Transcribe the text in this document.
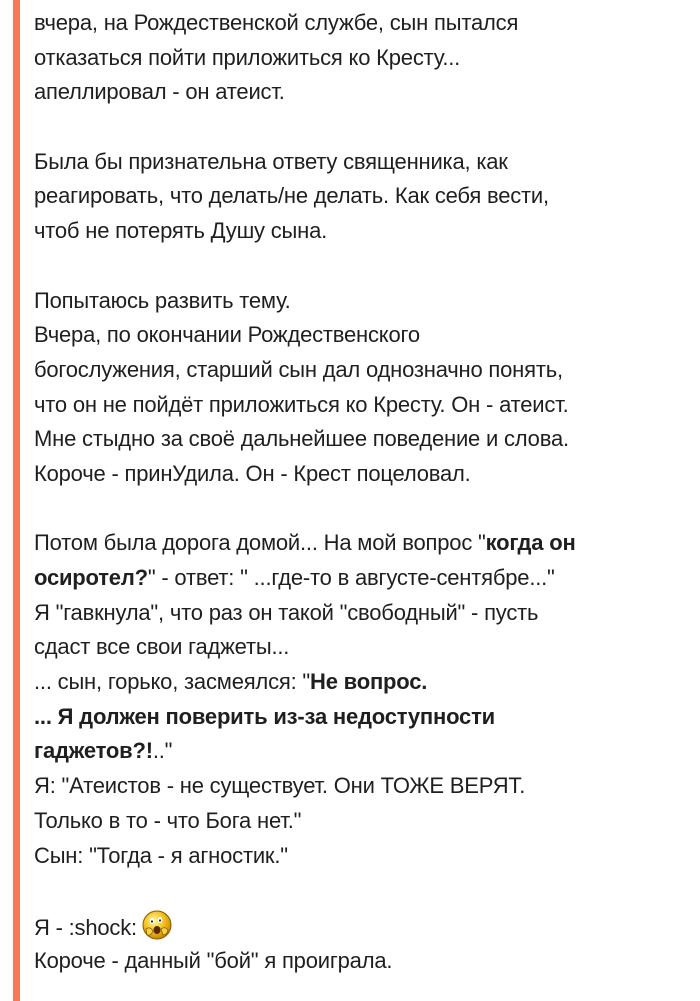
вчера, на Рождественской службе, сын пытался
отказаться пойти приложиться ко Кресту...
апеллировал - он атеист.
Была бы признательна ответу священника, как
реагировать, что делать/не делать. Как себя вести,
чтоб не потерять Душу сына.
Попытаюсь развить тему.
Вчера, по окончании Рождественского
богослужения, старший сын дал однозначно понять,
что он не пойдёт приложиться ко Кресту. Он - атеист.
Мне стыдно за своё дальнейшее поведение и слова.
Короче - принУдила. Он - Крест поцеловал.
Потом была дорога домой... На мой вопрос "когда он
осиротел?" - ответ: " ...где-то в августе-сентябре..."
Я "гавкнула", что раз он такой "свободный" - пусть
сдаст все свои гаджеты...
... сын, горько, засмеялся: "Не вопрос.
... Я должен поверить из-за недоступности
гаджетов?!.."
Я: "Атеистов - не существует. Они ТОЖЕ ВЕРЯТ.
Только в то - что Бога нет."
Сын: "Тогда - я агностик."
Я - :shock:
Короче - данный "бой" я проиграла.
